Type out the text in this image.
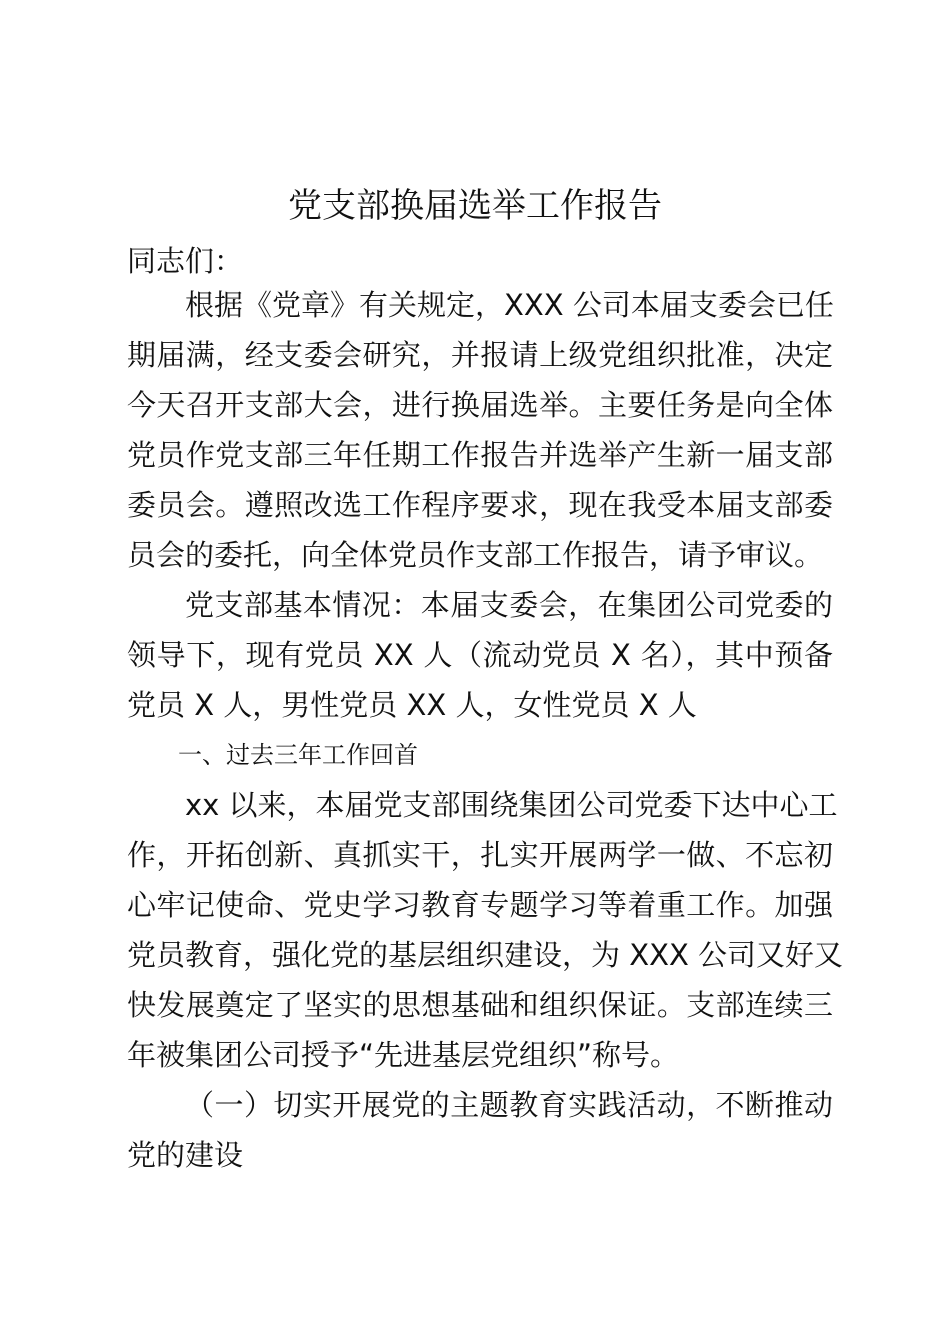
党支部换届选举工作报告

同志们：

根据《党章》有关规定，XXX 公司本届支委会已任

期届满，经支委会研究，并报请上级党组织批准，决定

今天召开支部大会，进行换届选举。主要任务是向全体

党员作党支部三年任期工作报告并选举产生新一届支部

委员会。遵照改选工作程序要求，现在我受本届支部委

员会的委托，向全体党员作支部工作报告，请予审议。

党支部基本情况：本届支委会，在集团公司党委的

领导下，现有党员 XX 人（流动党员 X 名），其中预备

党员 X 人，男性党员 XX 人，女性党员 X 人

一、过去三年工作回首

xx 以来，本届党支部围绕集团公司党委下达中心工

作，开拓创新、真抓实干，扎实开展两学一做、不忘初

心牢记使命、党史学习教育专题学习等着重工作。加强

党员教育，强化党的基层组织建设，为 XXX 公司又好又

快发展奠定了坚实的思想基础和组织保证。支部连续三

年被集团公司授予“先进基层党组织”称号。

（一）切实开展党的主题教育实践活动，不断推动

党的建设
